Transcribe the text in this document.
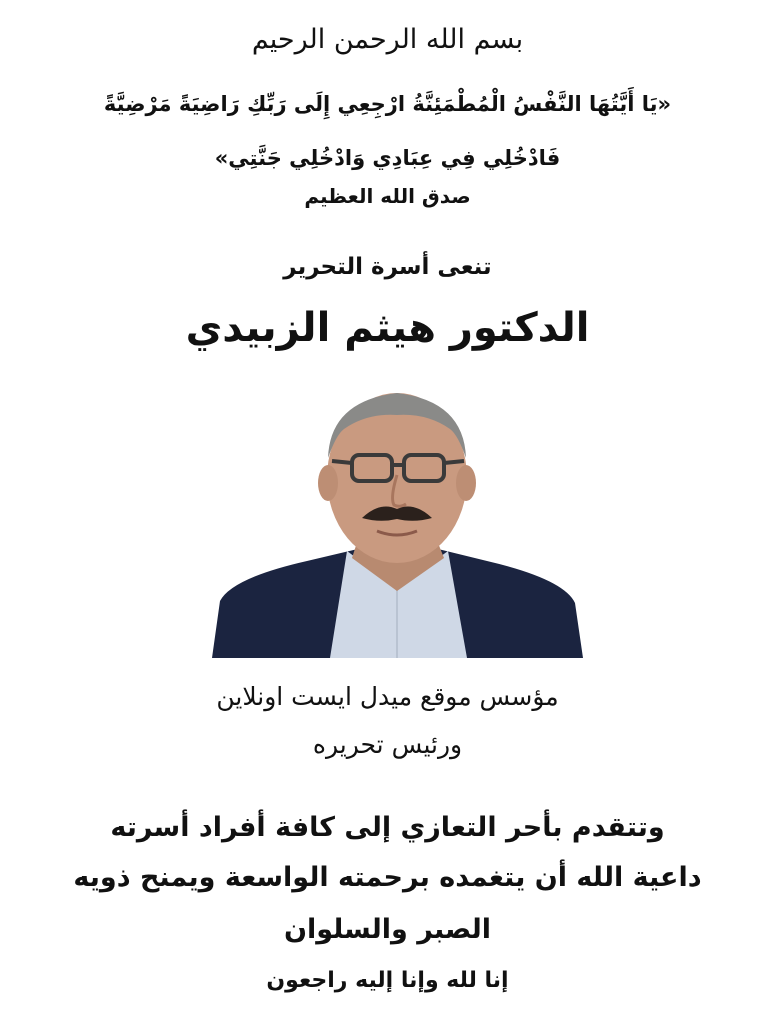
بسم الله الرحمن الرحيم
«يَا أَيَّتُهَا النَّفْسُ الْمُطْمَئِنَّةُ ارْجِعِي إِلَى رَبِّكِ رَاضِيَةً مَرْضِيَّةً
فَادْخُلِي فِي عِبَادِي وَادْخُلِي جَنَّتِي»
صدق الله العظيم
تنعى أسرة التحرير
الدكتور هيثم الزبيدي
مؤسس موقع ميدل ايست اونلاين
ورئيس تحريره
وتتقدم بأحر التعازي إلى كافة أفراد أسرته
داعية الله أن يتغمده برحمته الواسعة ويمنح ذويه
الصبر والسلوان
إنا لله وإنا إليه راجعون
